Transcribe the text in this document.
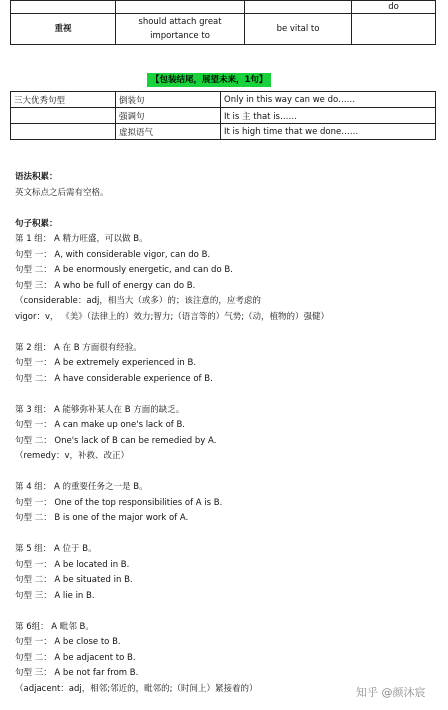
			do
重视	should attach great importance to	be vital to	
【包装结尾，展望未来，1句】
三大优秀句型	倒装句	Only in this way can we do……
	强调句	It is 主 that is……
	虚拟语气	It is high time that we done……
语法积累：
英文标点之后需有空格。
句子积累：
第 1 组： A 精力旺盛，可以做 B。
句型 一： A, with considerable vigor, can do B.
句型 二： A be enormously energetic, and can do B.
句型 三： A who be full of energy can do B.
（considerable：adj，相当大（或多）的；该注意的，应考虑的
vigor：v， 《美》（法律上的）效力;智力;（语言等的）气势;（动，植物的）强健）
第 2 组： A 在 B 方面很有经验。
句型 一： A be extremely experienced in B.
句型 二： A have considerable experience of B.
第 3 组： A 能够弥补某人在 B 方面的缺乏。
句型 一： A can make up one's lack of B.
句型 二： One's lack of B can be remedied by A.
（remedy：v，补救、改正）
第 4 组： A 的重要任务之一是 B。
句型 一： One of the top responsibilities of A is B.
句型 二： B is one of the major work of A.
第 5 组： A 位于 B。
句型 一： A be located in B.
句型 二： A be situated in B.
句型 三： A lie in B.
第 6组： A 毗邻 B。
句型 一： A be close to B.
句型 二： A be adjacent to B.
句型 三： A be not far from B.
（adjacent：adj，相邻;邻近的，毗邻的;（时间上）紧接着的）	知乎 @颜沐宸
